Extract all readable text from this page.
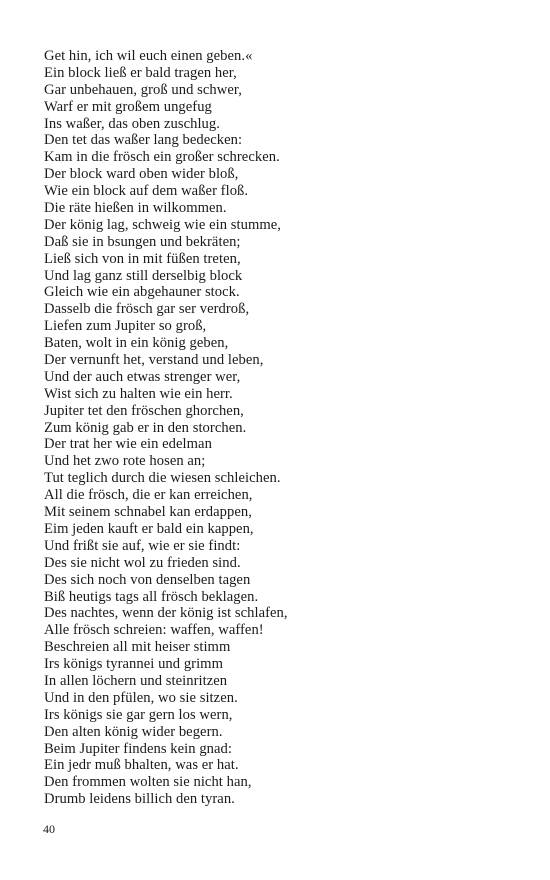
Get hin, ich wil euch einen geben.«
Ein block ließ er bald tragen her,
Gar unbehauen, groß und schwer,
Warf er mit großem ungefug
Ins waßer, das oben zuschlug.
Den tet das waßer lang bedecken:
Kam in die frösch ein großer schrecken.
Der block ward oben wider bloß,
Wie ein block auf dem waßer floß.
Die räte hießen in wilkommen.
Der könig lag, schweig wie ein stumme,
Daß sie in bsungen und bekräten;
Ließ sich von in mit füßen treten,
Und lag ganz still derselbig block
Gleich wie ein abgehauner stock.
Dasselb die frösch gar ser verdroß,
Liefen zum Jupiter so groß,
Baten, wolt in ein könig geben,
Der vernunft het, verstand und leben,
Und der auch etwas strenger wer,
Wist sich zu halten wie ein herr.
Jupiter tet den fröschen ghorchen,
Zum könig gab er in den storchen.
Der trat her wie ein edelman
Und het zwo rote hosen an;
Tut teglich durch die wiesen schleichen.
All die frösch, die er kan erreichen,
Mit seinem schnabel kan erdappen,
Eim jeden kauft er bald ein kappen,
Und frißt sie auf, wie er sie findt:
Des sie nicht wol zu frieden sind.
Des sich noch von denselben tagen
Biß heutigs tags all frösch beklagen.
Des nachtes, wenn der könig ist schlafen,
Alle frösch schreien: waffen, waffen!
Beschreien all mit heiser stimm
Irs königs tyrannei und grimm
In allen löchern und steinritzen
Und in den pfülen, wo sie sitzen.
Irs königs sie gar gern los wern,
Den alten könig wider begern.
Beim Jupiter findens kein gnad:
Ein jedr muß bhalten, was er hat.
Den frommen wolten sie nicht han,
Drumb leidens billich den tyran.
40
